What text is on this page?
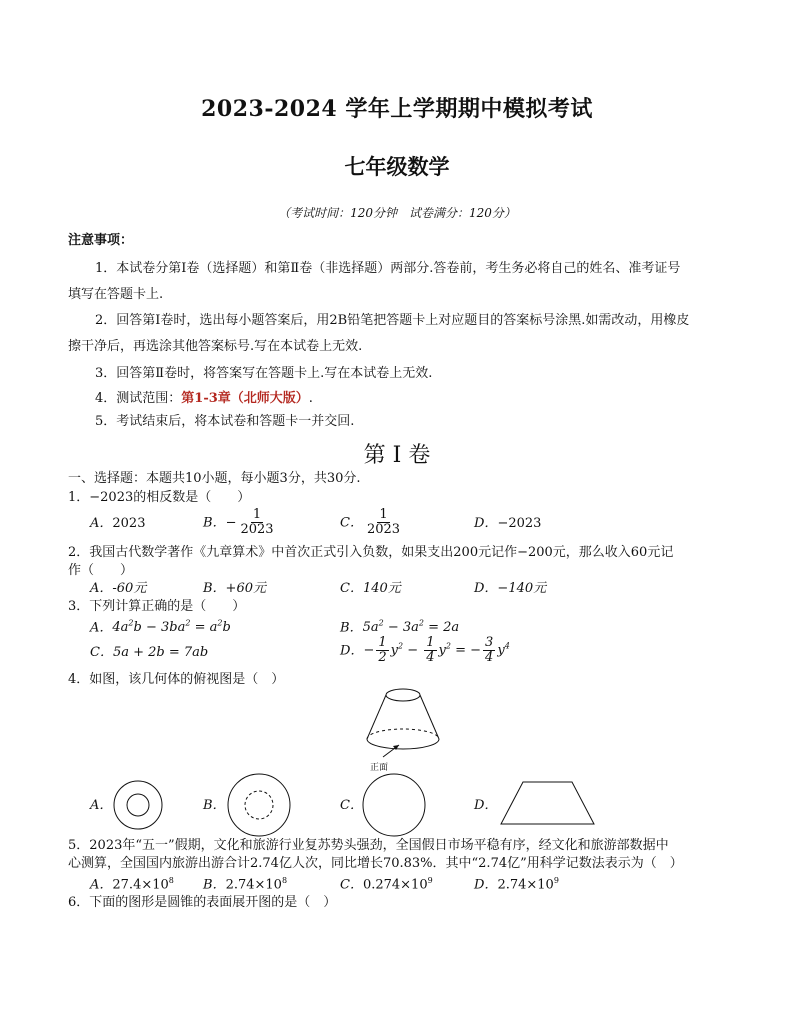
2023-2024 学年上学期期中模拟考试
七年级数学
（考试时间：120分钟　试卷满分：120分）
注意事项：
1．本试卷分第Ⅰ卷（选择题）和第Ⅱ卷（非选择题）两部分.答卷前，考生务必将自己的姓名、准考证号
填写在答题卡上.
2．回答第Ⅰ卷时，选出每小题答案后，用2B铅笔把答题卡上对应题目的答案标号涂黑.如需改动，用橡皮
擦干净后，再选涂其他答案标号.写在本试卷上无效.
3．回答第Ⅱ卷时，将答案写在答题卡上.写在本试卷上无效.
4．测试范围：第1-3章（北师大版）.
5．考试结束后，将本试卷和答题卡一并交回.
第 I 卷
一、选择题：本题共10小题，每小题3分，共30分.
1．−2023的相反数是（　　）
A．2023	B．− $\frac{1}{2023}$	C． $\frac{1}{2023}$	D．−2023
2．我国古代数学著作《九章算术》中首次正式引入负数，如果支出200元记作−200元，那么收入60元记
作（　　）
A．-60元	B．+60元	C．140元	D．−140元
3．下列计算正确的是（　　）
A．$4a^2b - 3ba^2 = a^2b$	B．$5a^2 - 3a^2 = 2a$
C．5a + 2b = 7ab	D．− $\frac{1}{2} y^2 - \frac{1}{4} y^2$ = − $\frac{3}{4} y^4$
4．如图，该几何体的俯视图是（　）
正面
A．	B．	C．	D．
5．2023年“五一”假期，文化和旅游行业复苏势头强劲，全国假日市场平稳有序，经文化和旅游部数据中
心测算，全国国内旅游出游合计2.74亿人次，同比增长70.83%．其中“2.74亿”用科学记数法表示为（　）
A．$27.4\times 10^8$ B．$2.74\times 10^8$	C．$0.274\times 10^9$	D．$2.74\times 10^9$
6．下面的图形是圆锥的表面展开图的是（　）
